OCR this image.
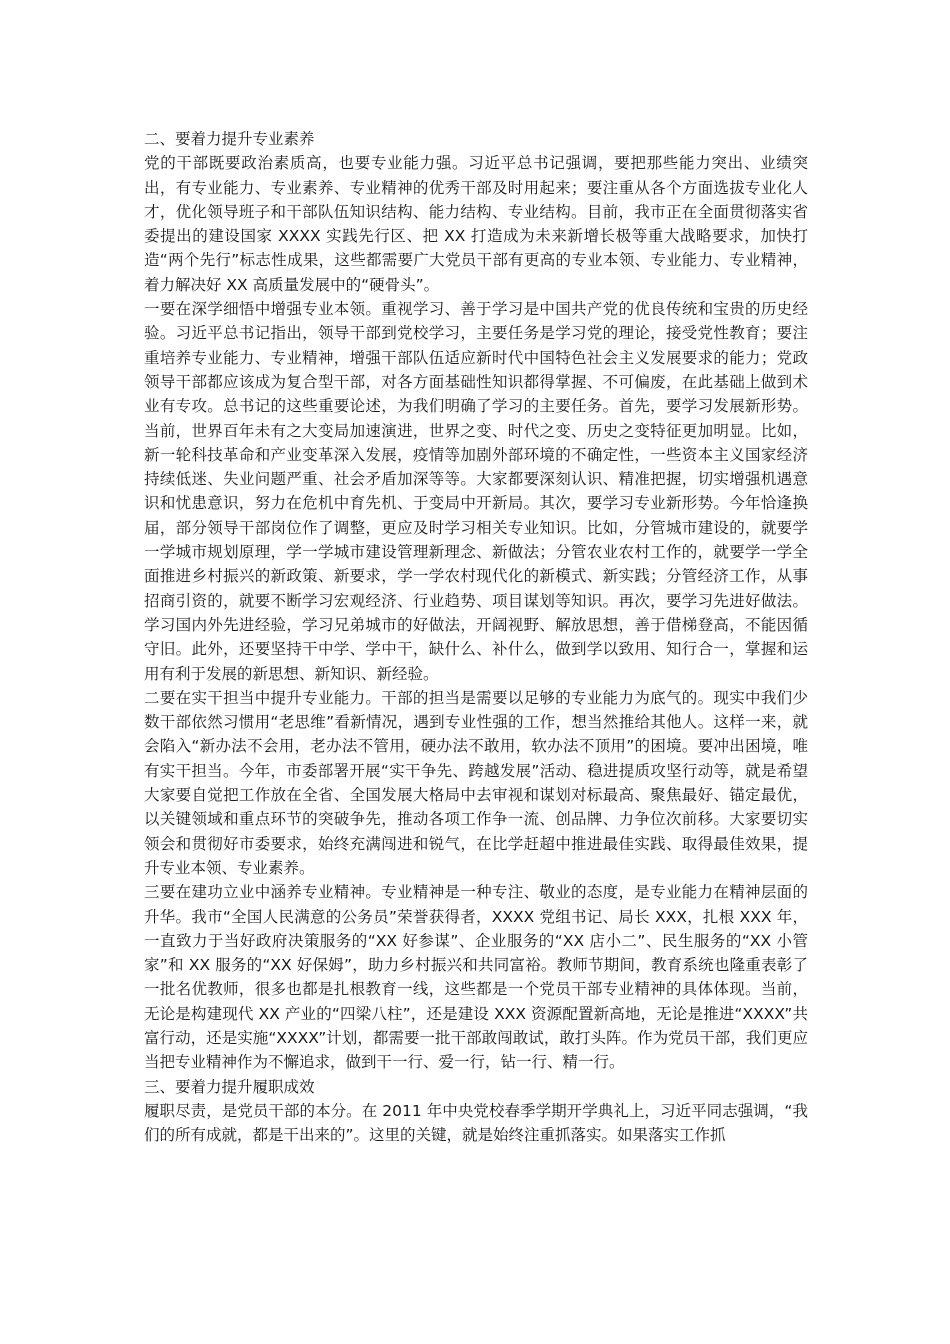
二、要着力提升专业素养

党的干部既要政治素质高，也要专业能力强。习近平总书记强调，要把那些能力突出、业绩突出，有专业能力、专业素养、专业精神的优秀干部及时用起来；要注重从各个方面选拔专业化人才，优化领导班子和干部队伍知识结构、能力结构、专业结构。目前，我市正在全面贯彻落实省委提出的建设国家 XXXX 实践先行区、把 XX 打造成为未来新增长极等重大战略要求，加快打造“两个先行”标志性成果，这些都需要广大党员干部有更高的专业本领、专业能力、专业精神，着力解决好 XX 高质量发展中的“硬骨头”。

一要在深学细悟中增强专业本领。重视学习、善于学习是中国共产党的优良传统和宝贵的历史经验。习近平总书记指出，领导干部到党校学习，主要任务是学习党的理论，接受党性教育；要注重培养专业能力、专业精神，增强干部队伍适应新时代中国特色社会主义发展要求的能力；党政领导干部都应该成为复合型干部，对各方面基础性知识都得掌握、不可偏废，在此基础上做到术业有专攻。总书记的这些重要论述，为我们明确了学习的主要任务。首先，要学习发展新形势。当前，世界百年未有之大变局加速演进，世界之变、时代之变、历史之变特征更加明显。比如，新一轮科技革命和产业变革深入发展，疫情等加剧外部环境的不确定性，一些资本主义国家经济持续低迷、失业问题严重、社会矛盾加深等等。大家都要深刻认识、精准把握，切实增强机遇意识和忧患意识，努力在危机中育先机、于变局中开新局。其次，要学习专业新形势。今年恰逢换届，部分领导干部岗位作了调整，更应及时学习相关专业知识。比如，分管城市建设的，就要学一学城市规划原理，学一学城市建设管理新理念、新做法；分管农业农村工作的，就要学一学全面推进乡村振兴的新政策、新要求，学一学农村现代化的新模式、新实践；分管经济工作，从事招商引资的，就要不断学习宏观经济、行业趋势、项目谋划等知识。再次，要学习先进好做法。学习国内外先进经验，学习兄弟城市的好做法，开阔视野、解放思想，善于借梯登高，不能因循守旧。此外，还要坚持干中学、学中干，缺什么、补什么，做到学以致用、知行合一，掌握和运用有利于发展的新思想、新知识、新经验。

二要在实干担当中提升专业能力。干部的担当是需要以足够的专业能力为底气的。现实中我们少数干部依然习惯用“老思维”看新情况，遇到专业性强的工作，想当然推给其他人。这样一来，就会陷入“新办法不会用，老办法不管用，硬办法不敢用，软办法不顶用”的困境。要冲出困境，唯有实干担当。今年，市委部署开展“实干争先、跨越发展”活动、稳进提质攻坚行动等，就是希望大家要自觉把工作放在全省、全国发展大格局中去审视和谋划对标最高、聚焦最好、锚定最优，以关键领域和重点环节的突破争先，推动各项工作争一流、创品牌、力争位次前移。大家要切实领会和贯彻好市委要求，始终充满闯进和锐气，在比学赶超中推进最佳实践、取得最佳效果，提升专业本领、专业素养。

三要在建功立业中涵养专业精神。专业精神是一种专注、敬业的态度，是专业能力在精神层面的升华。我市“全国人民满意的公务员”荣誉获得者，XXXX 党组书记、局长 XXX，扎根 XXX 年，一直致力于当好政府决策服务的“XX 好参谋”、企业服务的“XX 店小二”、民生服务的“XX 小管家”和 XX 服务的“XX 好保姆”，助力乡村振兴和共同富裕。教师节期间，教育系统也隆重表彰了一批名优教师，很多也都是扎根教育一线，这些都是一个党员干部专业精神的具体体现。当前，无论是构建现代 XX 产业的“四梁八柱”，还是建设 XXX 资源配置新高地，无论是推进“XXXX”共富行动，还是实施“XXXX”计划，都需要一批干部敢闯敢试，敢打头阵。作为党员干部，我们更应当把专业精神作为不懈追求，做到干一行、爱一行，钻一行、精一行。

三、要着力提升履职成效

履职尽责，是党员干部的本分。在 2011 年中央党校春季学期开学典礼上，习近平同志强调，“我们的所有成就，都是干出来的”。这里的关键，就是始终注重抓落实。如果落实工作抓
